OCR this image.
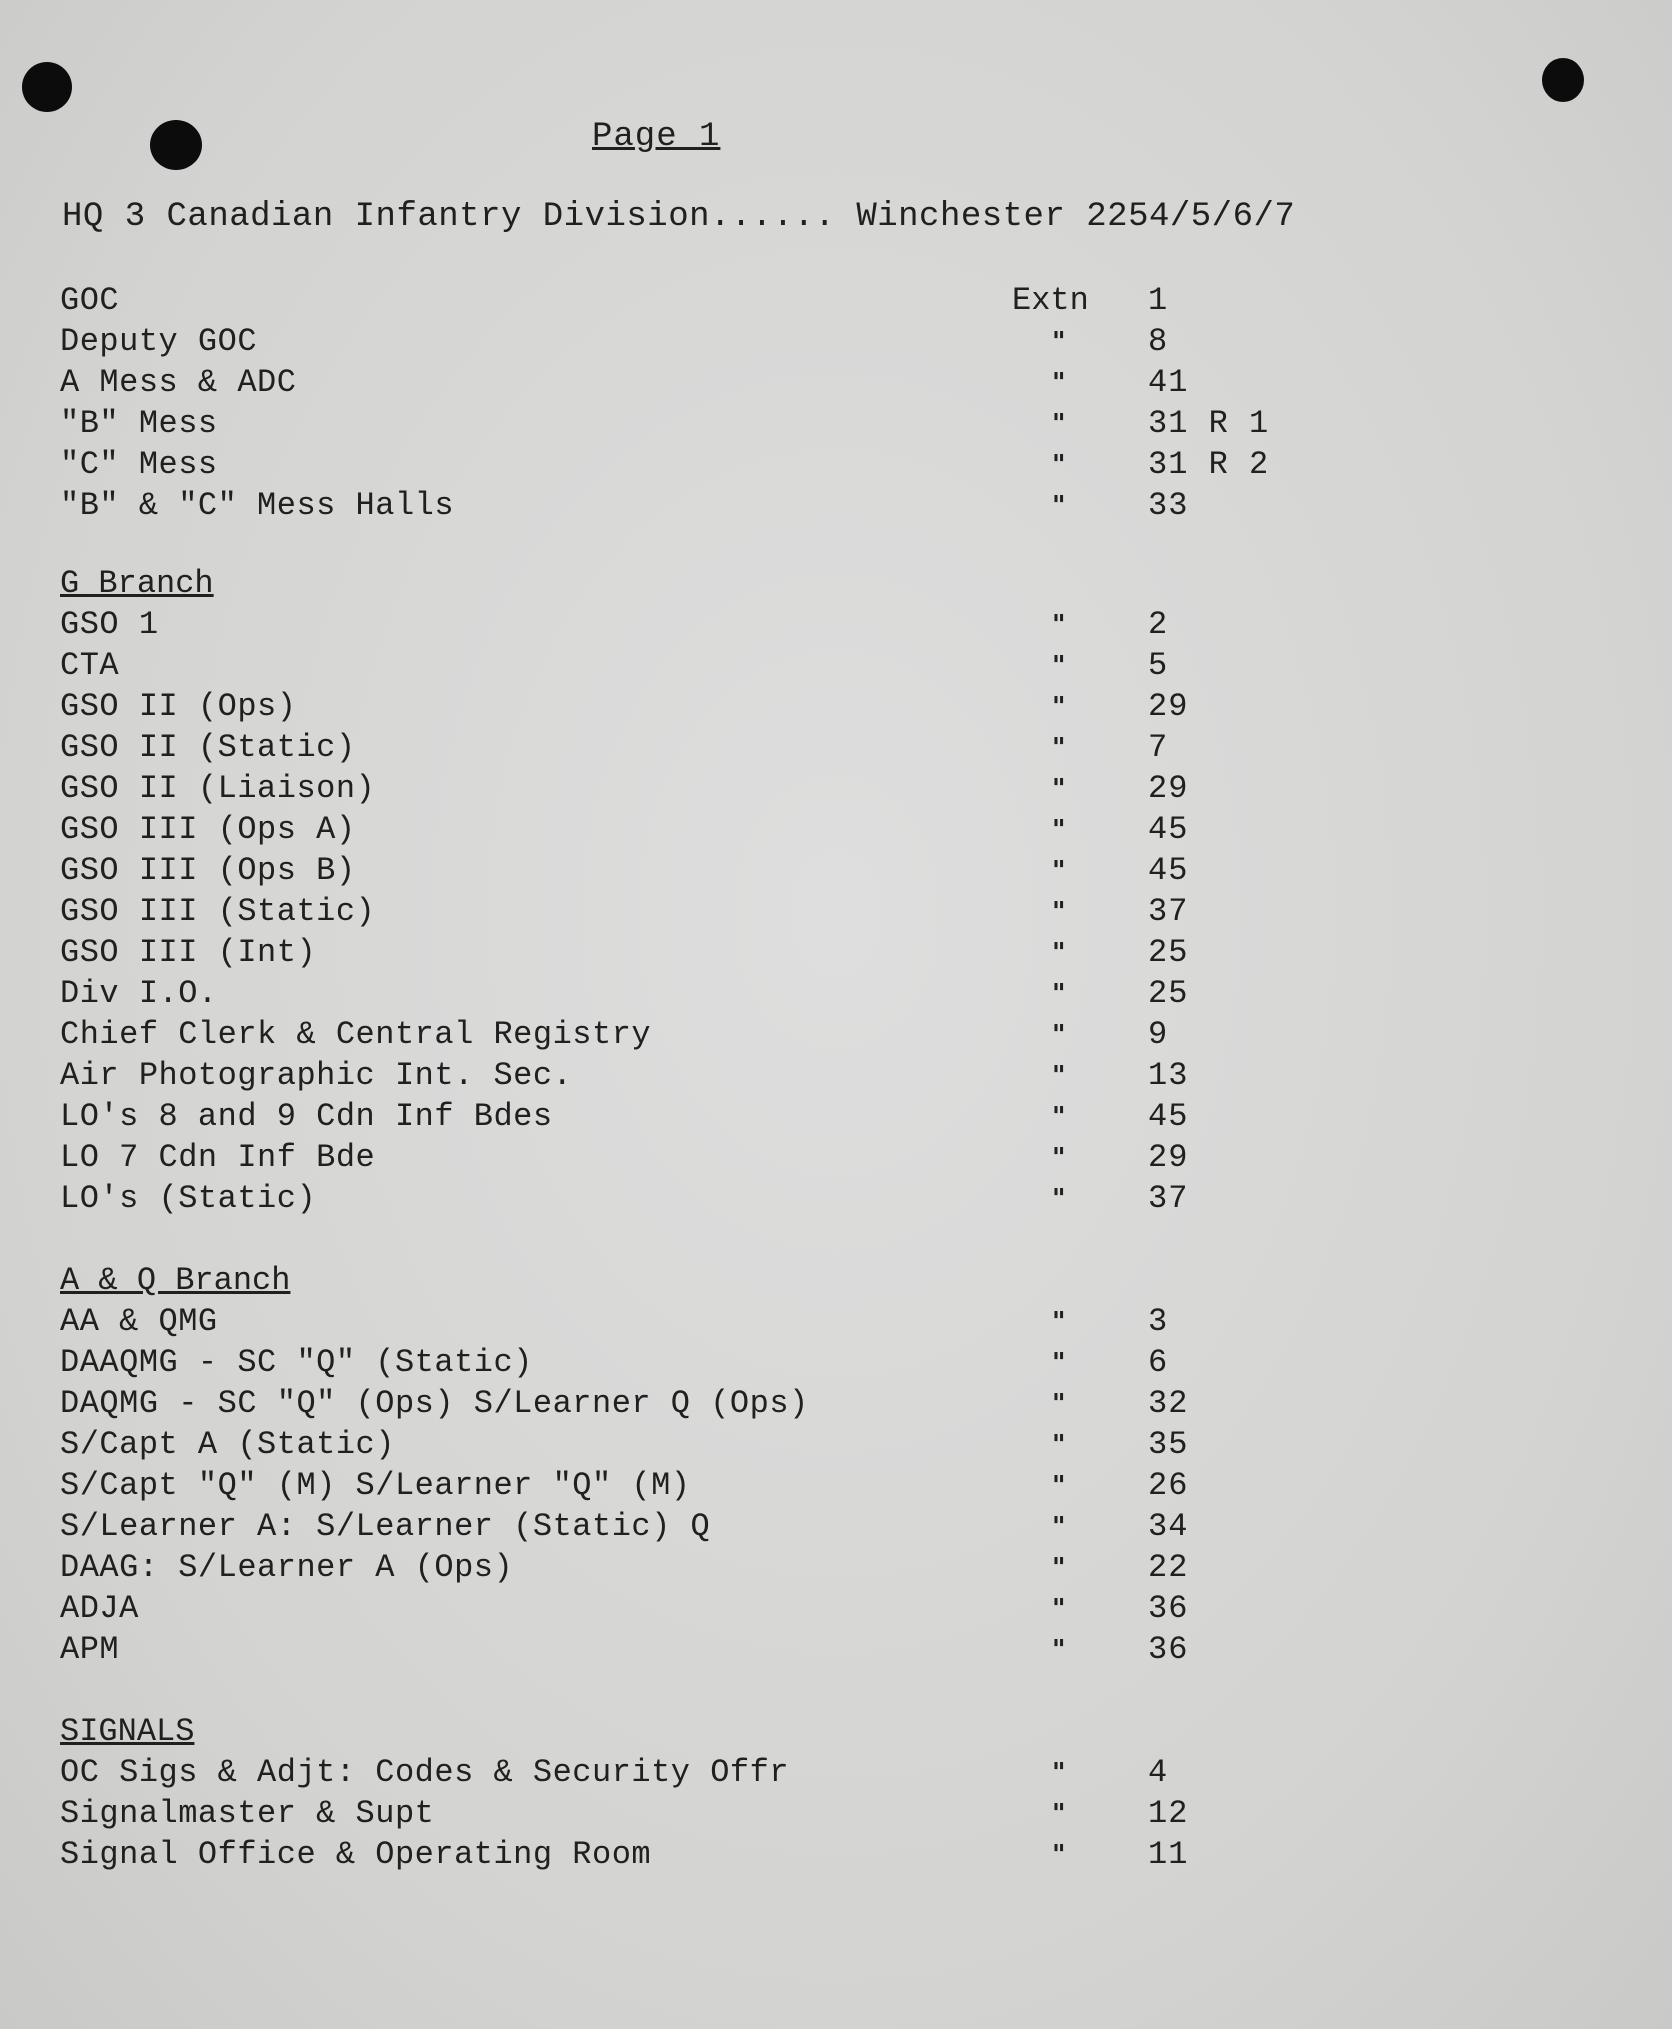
Page 1
HQ 3 Canadian Infantry Division...... Winchester 2254/5/6/7
GOC	Extn 1
Deputy GOC	"	8
A Mess & ADC	"	41
"B" Mess	"	31 R 1
"C" Mess	"	31 R 2
"B" & "C" Mess Halls	"	33
G Branch
GSO 1	"	2
CTA	"	5
GSO II (Ops)	"	29
GSO II (Static)	"	7
GSO II (Liaison)	"	29
GSO III (Ops A)	"	45
GSO III (Ops B)	"	45
GSO III (Static)	"	37
GSO III (Int)	"	25
Div I.O.	"	25
Chief Clerk & Central Registry	"	9
Air Photographic Int. Sec.	"	13
LO's 8 and 9 Cdn Inf Bdes	"	45
LO 7 Cdn Inf Bde	"	29
LO's (Static)	"	37
A & Q Branch
AA & QMG	"	3
DAAQMG - SC "Q" (Static)	"	6
DAQMG - SC "Q" (Ops) S/Learner Q (Ops)	"	32
S/Capt A (Static)	"	35
S/Capt "Q" (M) S/Learner "Q" (M)	"	26
S/Learner A: S/Learner (Static) Q	"	34
DAAG: S/Learner A (Ops)	"	22
ADJA	"	36
APM	"	36
SIGNALS
OC Sigs & Adjt: Codes & Security Offr	"	4
Signalmaster & Supt	"	12
Signal Office & Operating Room	"	11
